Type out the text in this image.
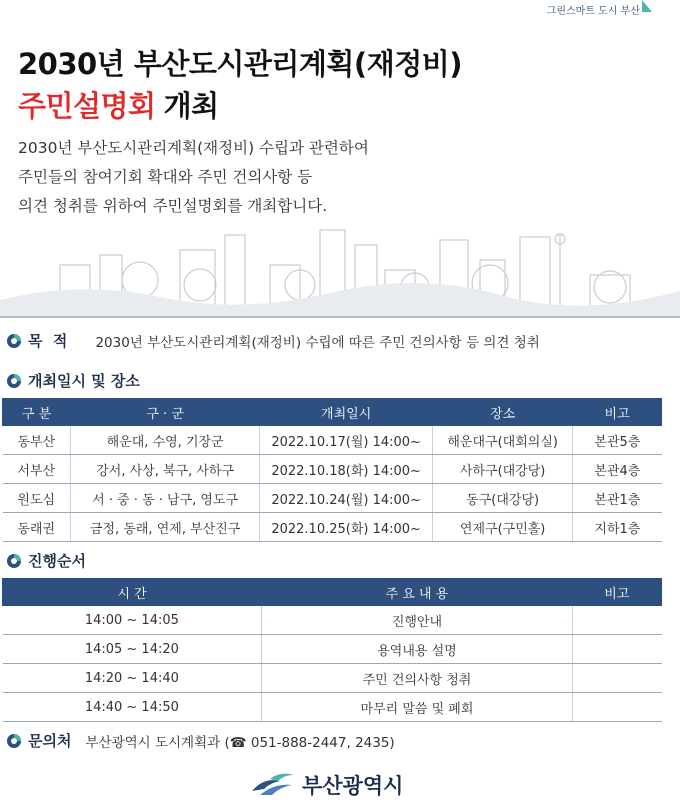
그린스마트 도시 부산
2030년 부산도시관리계획(재정비)
주민설명회 개최
2030년 부산도시관리계획(재정비) 수립과 관련하여
주민들의 참여기회 확대와 주민 건의사항 등
의견 청취를 위하여 주민설명회를 개최합니다.
목  적 2030년 부산도시관리계획(재정비) 수립에 따른 주민 건의사항 등 의견 청취
개최일시 및 장소
구 분	구 · 군	개최일시	장소	비고
동부산	해운대, 수영, 기장군	2022.10.17(월) 14:00~	해운대구(대회의실)	본관5층
서부산	강서, 사상, 북구, 사하구	2022.10.18(화) 14:00~	사하구(대강당)	본관4층
원도심	서 · 중 · 동 · 남구, 영도구	2022.10.24(월) 14:00~	동구(대강당)	본관1층
동래권	금정, 동래, 연제, 부산진구	2022.10.25(화) 14:00~	연제구(구민홀)	지하1층
진행순서
시 간	주 요 내 용	비고
14:00 ~ 14:05	진행안내	
14:05 ~ 14:20	용역내용 설명	
14:20 ~ 14:40	주민 건의사항 청취	
14:40 ~ 14:50	마무리 말씀 및 폐회	
문의처 부산광역시 도시계획과 (☎ 051-888-2447, 2435)
부산광역시
